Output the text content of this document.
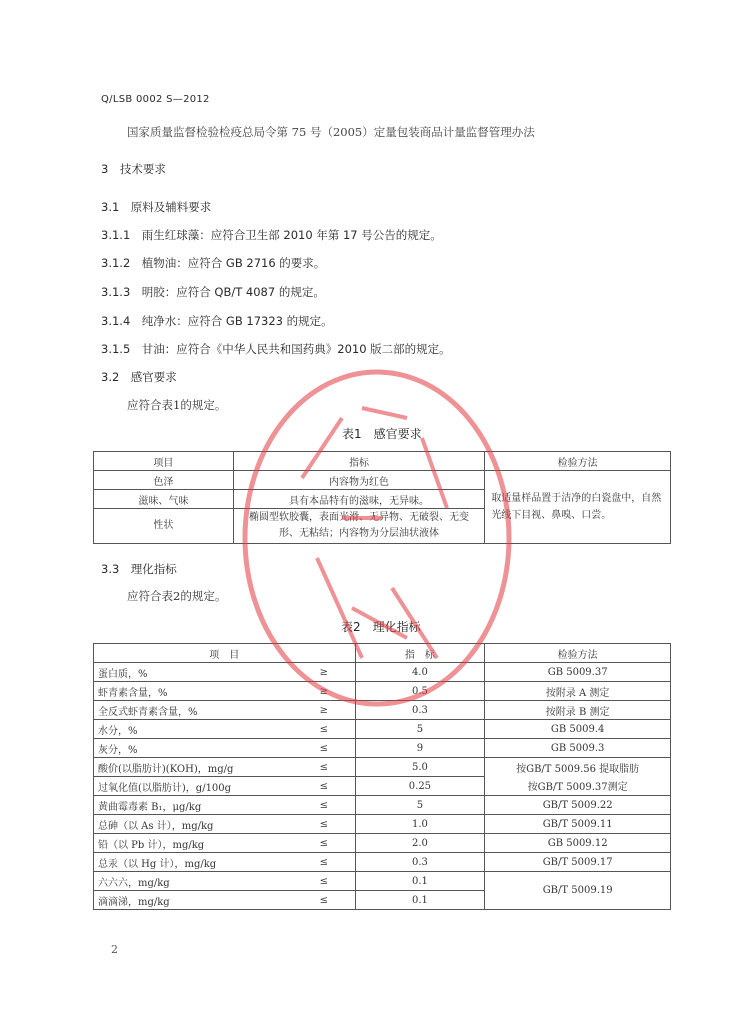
Q/LSB 0002 S—2012
国家质量监督检验检疫总局令第 75 号（2005）定量包装商品计量监督管理办法
3　技术要求
3.1　原料及辅料要求
3.1.1　雨生红球藻：应符合卫生部 2010 年第 17 号公告的规定。
3.1.2　植物油：应符合 GB 2716 的要求。
3.1.3　明胶：应符合 QB/T 4087 的规定。
3.1.4　纯净水：应符合 GB 17323 的规定。
3.1.5　甘油：应符合《中华人民共和国药典》2010 版二部的规定。
3.2　感官要求
应符合表1的规定。
表1　感官要求
项目	指标	检验方法
色泽	内容物为红色	取适量样品置于洁净的白瓷盘中，自然光线下目视、鼻嗅、口尝。
滋味、气味	具有本品特有的滋味，无异味。	
性状	椭圆型软胶囊，表面光滑、无异物、无破裂、无变形、无粘结；内容物为分层油状液体	
3.3　理化指标
应符合表2的规定。
表2　理化指标
项　目		指　标	检验方法
蛋白质，%	≥	4.0	GB 5009.37
虾青素含量，%	≥	0.5	按附录 A 测定
全反式虾青素含量，%	≥	0.3	按附录 B 测定
水分，%	≤	5	GB 5009.4
灰分，%	≤	9	GB 5009.3
酸价(以脂肪计)(KOH)，mg/g	≤	5.0	按GB/T 5009.56 提取脂肪
过氧化值(以脂肪计)，g/100g	≤	0.25	按GB/T 5009.37测定
黄曲霉毒素 B₁，μg/kg	≤	5	GB/T 5009.22
总砷（以 As 计），mg/kg	≤	1.0	GB/T 5009.11
铅（以 Pb 计），mg/kg	≤	2.0	GB 5009.12
总汞（以 Hg 计），mg/kg	≤	0.3	GB/T 5009.17
六六六，mg/kg	≤	0.1	GB/T 5009.19
滴滴涕，mg/kg	≤	0.1	
2
